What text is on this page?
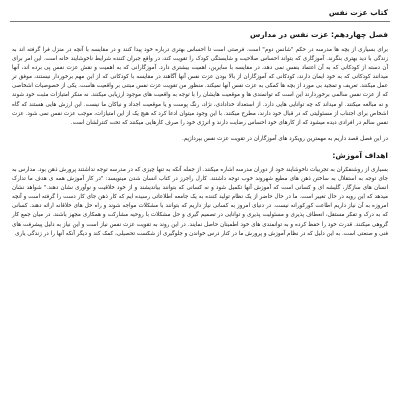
کتاب عزت نفس
فصل چهاردهم: عزت نفس در مدارس

برای بسیاری از بچه ها مدرسه در حکم "شانس دوم" است. فرصتی است تا احساس بهتری درباره خود پیدا کنند و در مقایسه با آنچه در منزل فرا گرفته اند به زندگی با دید بهتری بنگرند. آموزگاری که بتواند احساس صلاحیت و شایستگی کودک را تقویت کند، در واقع جبران کننده شرایط ناخوشایند خانه است. این امر برای آن دسته از کودکانی که به آن اعتماد بنفس نمی دهد، در مقایسه با سایرین، اهمیت بیشتری دارد. آموزگارانی که به اهمیت و نقش عزت نفس پی برده اند، آنها میدانند کودکانی که به خود ایمان دارند، کودکانی که آموزگاران از بالا بودن عزت نفس آنها آگاهند در مقایسه با کودکانی که از این مهم برخوردار نیستند، موفق تر عمل میکنند. تعریف و تمجید بی مورد از بچه ها کمکی به عزت نفس آنها نمیکند. منظور من تقویت عزت نفس مبتنی بر واقعیت هاست. یکی از خصوصیات اشخاصی که از عزت نفس سالمی برخوردارند این است که توانمندی ها و موقعیت هایشان را با توجه به واقعیت های موجود ارزیابی میکنند. نه منکر امتیازات مثبت خود شوند و نه مبالغه میکنند. او میداند که چه توانایی هایی دارد. از استعداد خدادادی، نژاد، رنگ پوست و یا موقعیت اجداد و نیاکان ما نیست. این ارزش هایی هستند که گاه اشخاص برای اجتناب از مسئولیتی که در قبال خود دارند، مطرح میکنند. با این وجود میتوان ادعا کرد که هیچ یک از این امتیازات، موجب عزت نفس نمی شود. عزت نفس سالم در افرادی دیده میشود که از کارهای خود احساس رضایت دارند و انرژی خود را صرف کارهایی میکنند که تحت کنترلشان است.

در این فصل قصد داریم به مهمترین رویکرد های آموزگاران در تقویت عزت نفس بپردازیم.

اهداف آموزش:

بسیاری از روشنفکران به تجربیات ناخوشایند خود از دوران مدرسه اشاره میکنند. از جمله آنکه به تنها چیزی که در مدرسه توجه نداشتند پرورش ذهن بود. مدارس به جای توجه به استقلال به ساختن ذهن های مطیع شهروند خوب توجه داشتند. کارل راجرز در کتاب انسان شدن مینویسد: "در کار آموزش همه ی هدف ما تدارک انسان های سازگار، گلیشه ای و کسانی است که آموزش آنها تکمیل شود و نه کسانی که بتوانند بیاندیشند و از خود خلاقیت و نوآوری نشان دهند." شواهد نشان میدهد که این رویه در حال تغییر است. ما در حال حاضر از یک نظام تولید کننده به یک جامعه اطلاعاتی رسیده ایم که کار ذهن جای کار دست را گرفته است و آنچه امروزه به آن نیاز داریم اطاعت کورکورانه نیست. در دنیای امروز به کسانی نیاز داریم که بتوانند با مشکلات مواجه شوند و راه حل های خلاقانه ارائه دهند. کسانی که به درک و تفکر مستقل، انعطاف پذیری و مسئولیت پذیری و توانایی در تصمیم گیری و حل مشکلات با روحیه مشارکت و همکاری مجهز باشند. در میان جمع کار گروهی میکنند. قدرت خود را حفظ کرده و به توانمندی های خود اطمینان حاصل نمایند. در این روند به تقویت عزت نفس نیاز است و این نیاز به دلیل پیشرفت های فنی و صنعتی است. به این دلیل که در نظام آموزش و پرورش ما در کنار درس خواندن و جلوگیری از شکست تحصیلی، کمک کند و دیگر آنکه آنها را در زندگی یاری
